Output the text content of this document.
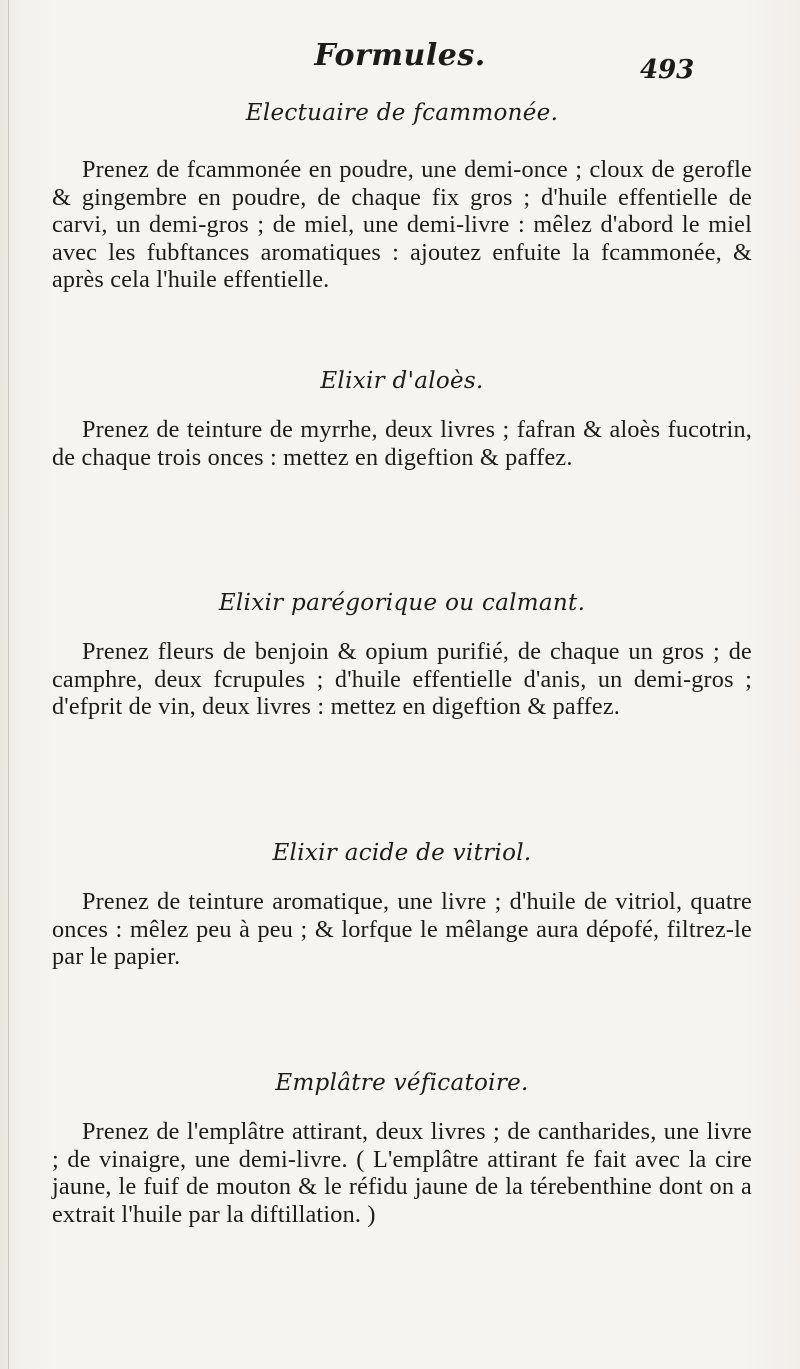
Formules.	493

Electuaire de fcammonée.

Prenez de fcammonée en poudre, une demi-once ; cloux de gerofle & gingembre en poudre, de chaque fix gros ; d'huile effentielle de carvi, un demi-gros ; de miel, une demi-livre : mêlez d'abord le miel avec les fubftances aromatiques : ajoutez enfuite la fcammonée, & après cela l'huile effentielle.

Elixir d'aloès.

Prenez de teinture de myrrhe, deux livres ; fafran & aloès fucotrin, de chaque trois onces : mettez en digeftion & paffez.

Elixir parégorique ou calmant.

Prenez fleurs de benjoin & opium purifié, de chaque un gros ; de camphre, deux fcrupules ; d'huile effentielle d'anis, un demi-gros ; d'efprit de vin, deux livres : mettez en digeftion & paffez.

Elixir acide de vitriol.

Prenez de teinture aromatique, une livre ; d'huile de vitriol, quatre onces : mêlez peu à peu ; & lorfque le mêlange aura dépofé, filtrez-le par le papier.

Emplâtre véficatoire.

Prenez de l'emplâtre attirant, deux livres ; de cantharides, une livre ; de vinaigre, une demi-livre. ( L'emplâtre attirant fe fait avec la cire jaune, le fuif de mouton & le réfidu jaune de la térebenthine dont on a extrait l'huile par la diftillation. )
